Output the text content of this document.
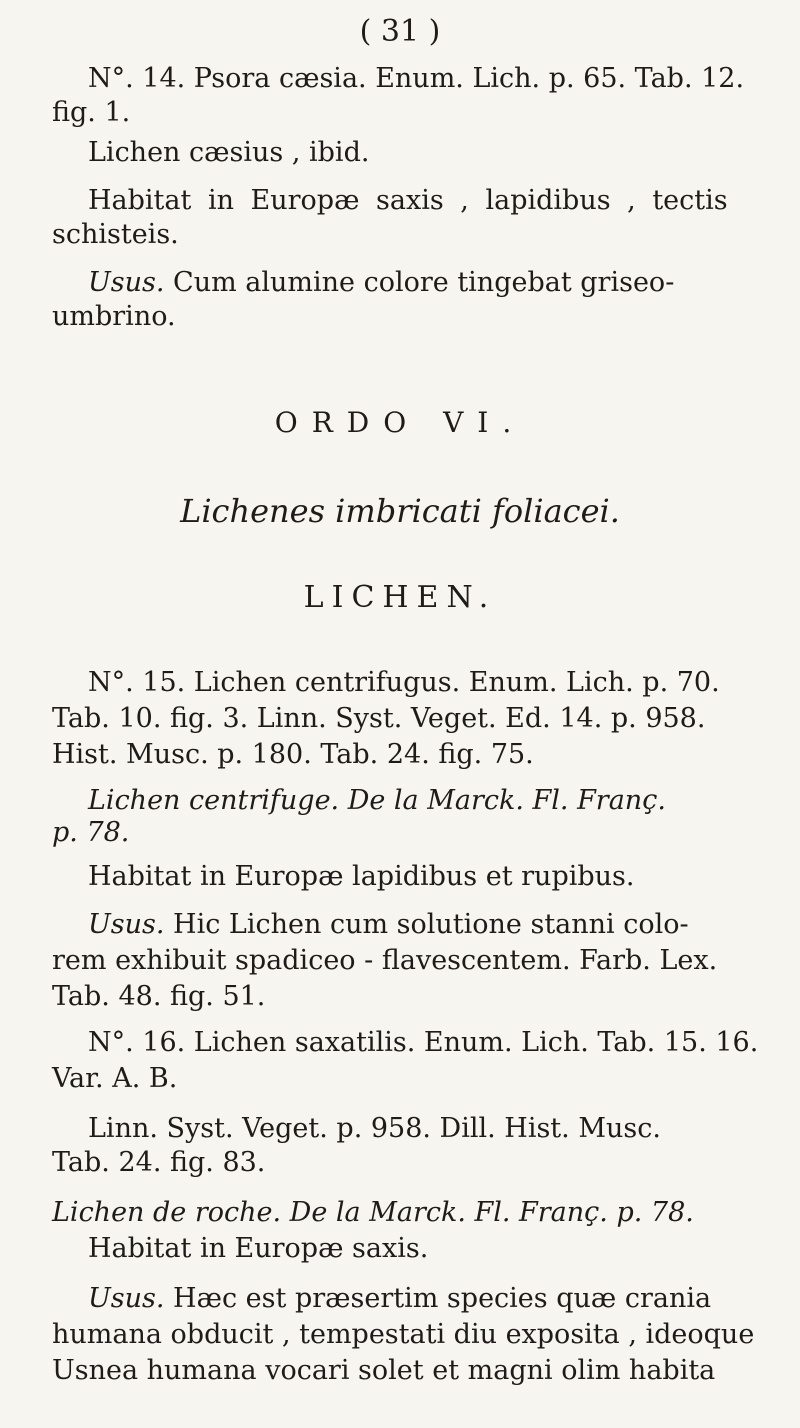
( 31 )
N°. 14. Psora cæsia. Enum. Lich. p. 65. Tab. 12.
fig. 1.
Lichen cæsius , ibid.
Habitat in Europæ saxis , lapidibus , tectis
schisteis.
Usus. Cum alumine colore tingebat griseo-
umbrino.
ORDO VI.
Lichenes imbricati foliacei.
LICHEN.
N°. 15. Lichen centrifugus. Enum. Lich. p. 70.
Tab. 10. fig. 3. Linn. Syst. Veget. Ed. 14. p. 958.
Hist. Musc. p. 180. Tab. 24. fig. 75.
Lichen centrifuge. De la Marck. Fl. Franç.
p. 78.
Habitat in Europæ lapidibus et rupibus.
Usus. Hic Lichen cum solutione stanni colo-
rem exhibuit spadiceo - flavescentem. Farb. Lex.
Tab. 48. fig. 51.
N°. 16. Lichen saxatilis. Enum. Lich. Tab. 15. 16.
Var. A. B.
Linn. Syst. Veget. p. 958. Dill. Hist. Musc.
Tab. 24. fig. 83.
Lichen de roche. De la Marck. Fl. Franç. p. 78.
Habitat in Europæ saxis.
Usus. Hæc est præsertim species quæ crania
humana obducit , tempestati diu exposita , ideoque
Usnea humana vocari solet et magni olim habita
